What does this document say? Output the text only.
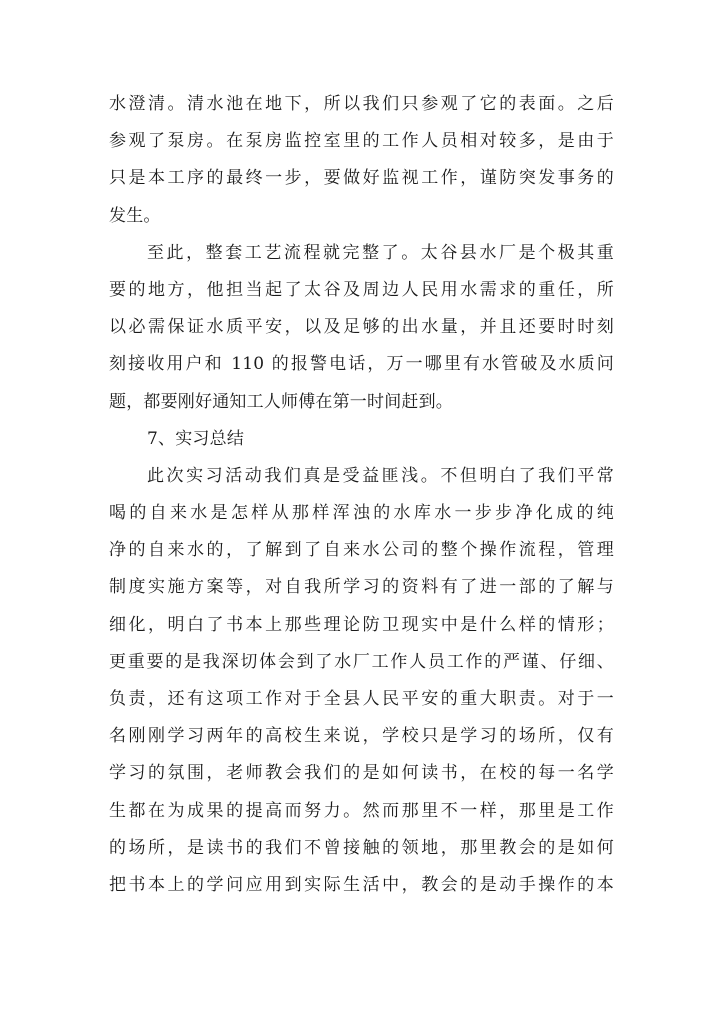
水澄清。清水池在地下，所以我们只参观了它的表面。之后
参观了泵房。在泵房监控室里的工作人员相对较多，是由于
只是本工序的最终一步，要做好监视工作，谨防突发事务的
发生。
至此，整套工艺流程就完整了。太谷县水厂是个极其重
要的地方，他担当起了太谷及周边人民用水需求的重任，所
以必需保证水质平安，以及足够的出水量，并且还要时时刻
刻接收用户和 110 的报警电话，万一哪里有水管破及水质问
题，都要刚好通知工人师傅在第一时间赶到。
7、实习总结
此次实习活动我们真是受益匪浅。不但明白了我们平常
喝的自来水是怎样从那样浑浊的水库水一步步净化成的纯
净的自来水的，了解到了自来水公司的整个操作流程，管理
制度实施方案等，对自我所学习的资料有了进一部的了解与
细化，明白了书本上那些理论防卫现实中是什么样的情形；
更重要的是我深切体会到了水厂工作人员工作的严谨、仔细、
负责，还有这项工作对于全县人民平安的重大职责。对于一
名刚刚学习两年的高校生来说，学校只是学习的场所，仅有
学习的氛围，老师教会我们的是如何读书，在校的每一名学
生都在为成果的提高而努力。然而那里不一样，那里是工作
的场所，是读书的我们不曾接触的领地，那里教会的是如何
把书本上的学问应用到实际生活中，教会的是动手操作的本
